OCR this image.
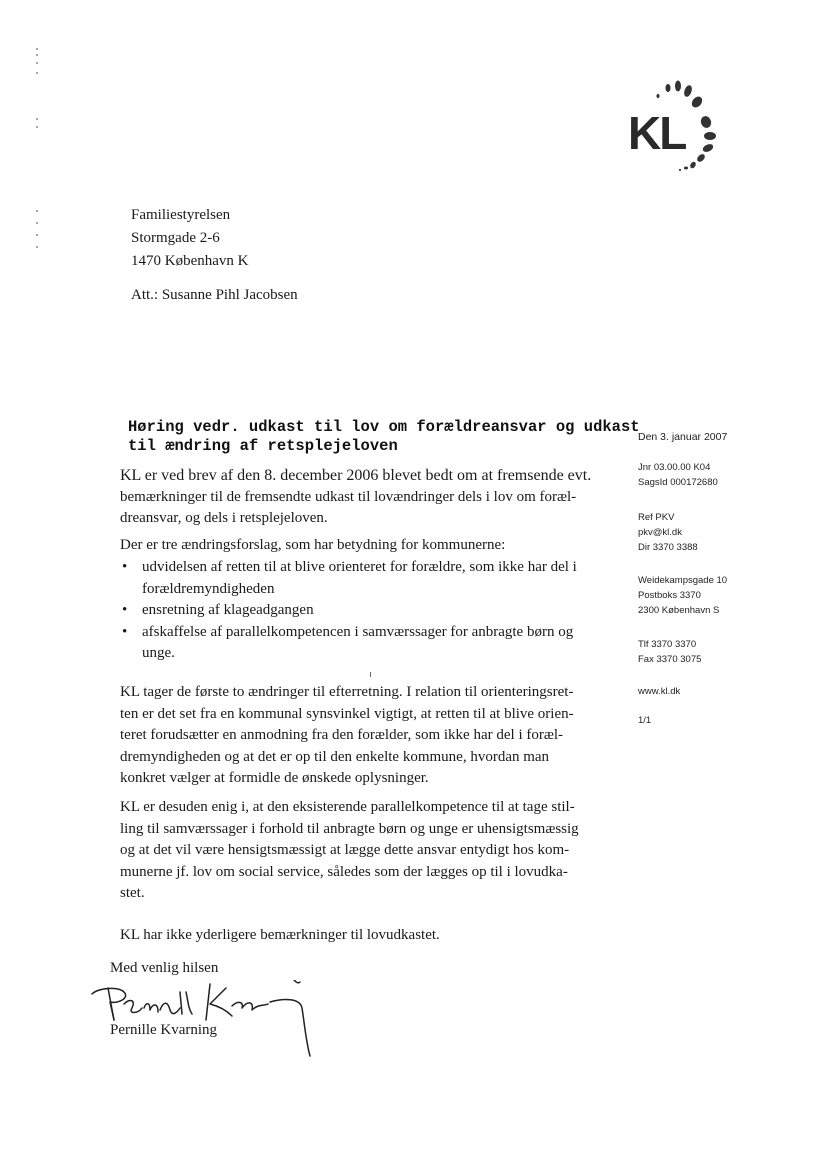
KL
Familiestyrelsen
Stormgade 2-6
1470 København K
Att.: Susanne Pihl Jacobsen
Høring vedr. udkast til lov om forældreansvar og udkast
til ændring af retsplejeloven
KL er ved brev af den 8. december 2006 blevet bedt om at fremsende evt.
bemærkninger til de fremsendte udkast til lovændringer dels i lov om foræl-
dreansvar, og dels i retsplejeloven.
Der er tre ændringsforslag, som har betydning for kommunerne:
• udvidelsen af retten til at blive orienteret for forældre, som ikke har del i
forældremyndigheden
• ensretning af klageadgangen
• afskaffelse af parallelkompetencen i samværssager for anbragte børn og
unge.
KL tager de første to ændringer til efterretning. I relation til orienteringsret-
ten er det set fra en kommunal synsvinkel vigtigt, at retten til at blive orien-
teret forudsætter en anmodning fra den forælder, som ikke har del i foræl-
dremyndigheden og at det er op til den enkelte kommune, hvordan man
konkret vælger at formidle de ønskede oplysninger.
KL er desuden enig i, at den eksisterende parallelkompetence til at tage stil-
ling til samværssager i forhold til anbragte børn og unge er uhensigtsmæssig
og at det vil være hensigtsmæssigt at lægge dette ansvar entydigt hos kom-
munerne jf. lov om social service, således som der lægges op til i lovudka-
stet.
KL har ikke yderligere bemærkninger til lovudkastet.
Med venlig hilsen
Pernille Kvarning
Den 3. januar 2007
Jnr 03.00.00 K04
SagsId 000172680
Ref PKV
pkv@kl.dk
Dir 3370 3388
Weidekampsgade 10
Postboks 3370
2300 København S
Tlf 3370 3370
Fax 3370 3075
www.kl.dk
1/1
